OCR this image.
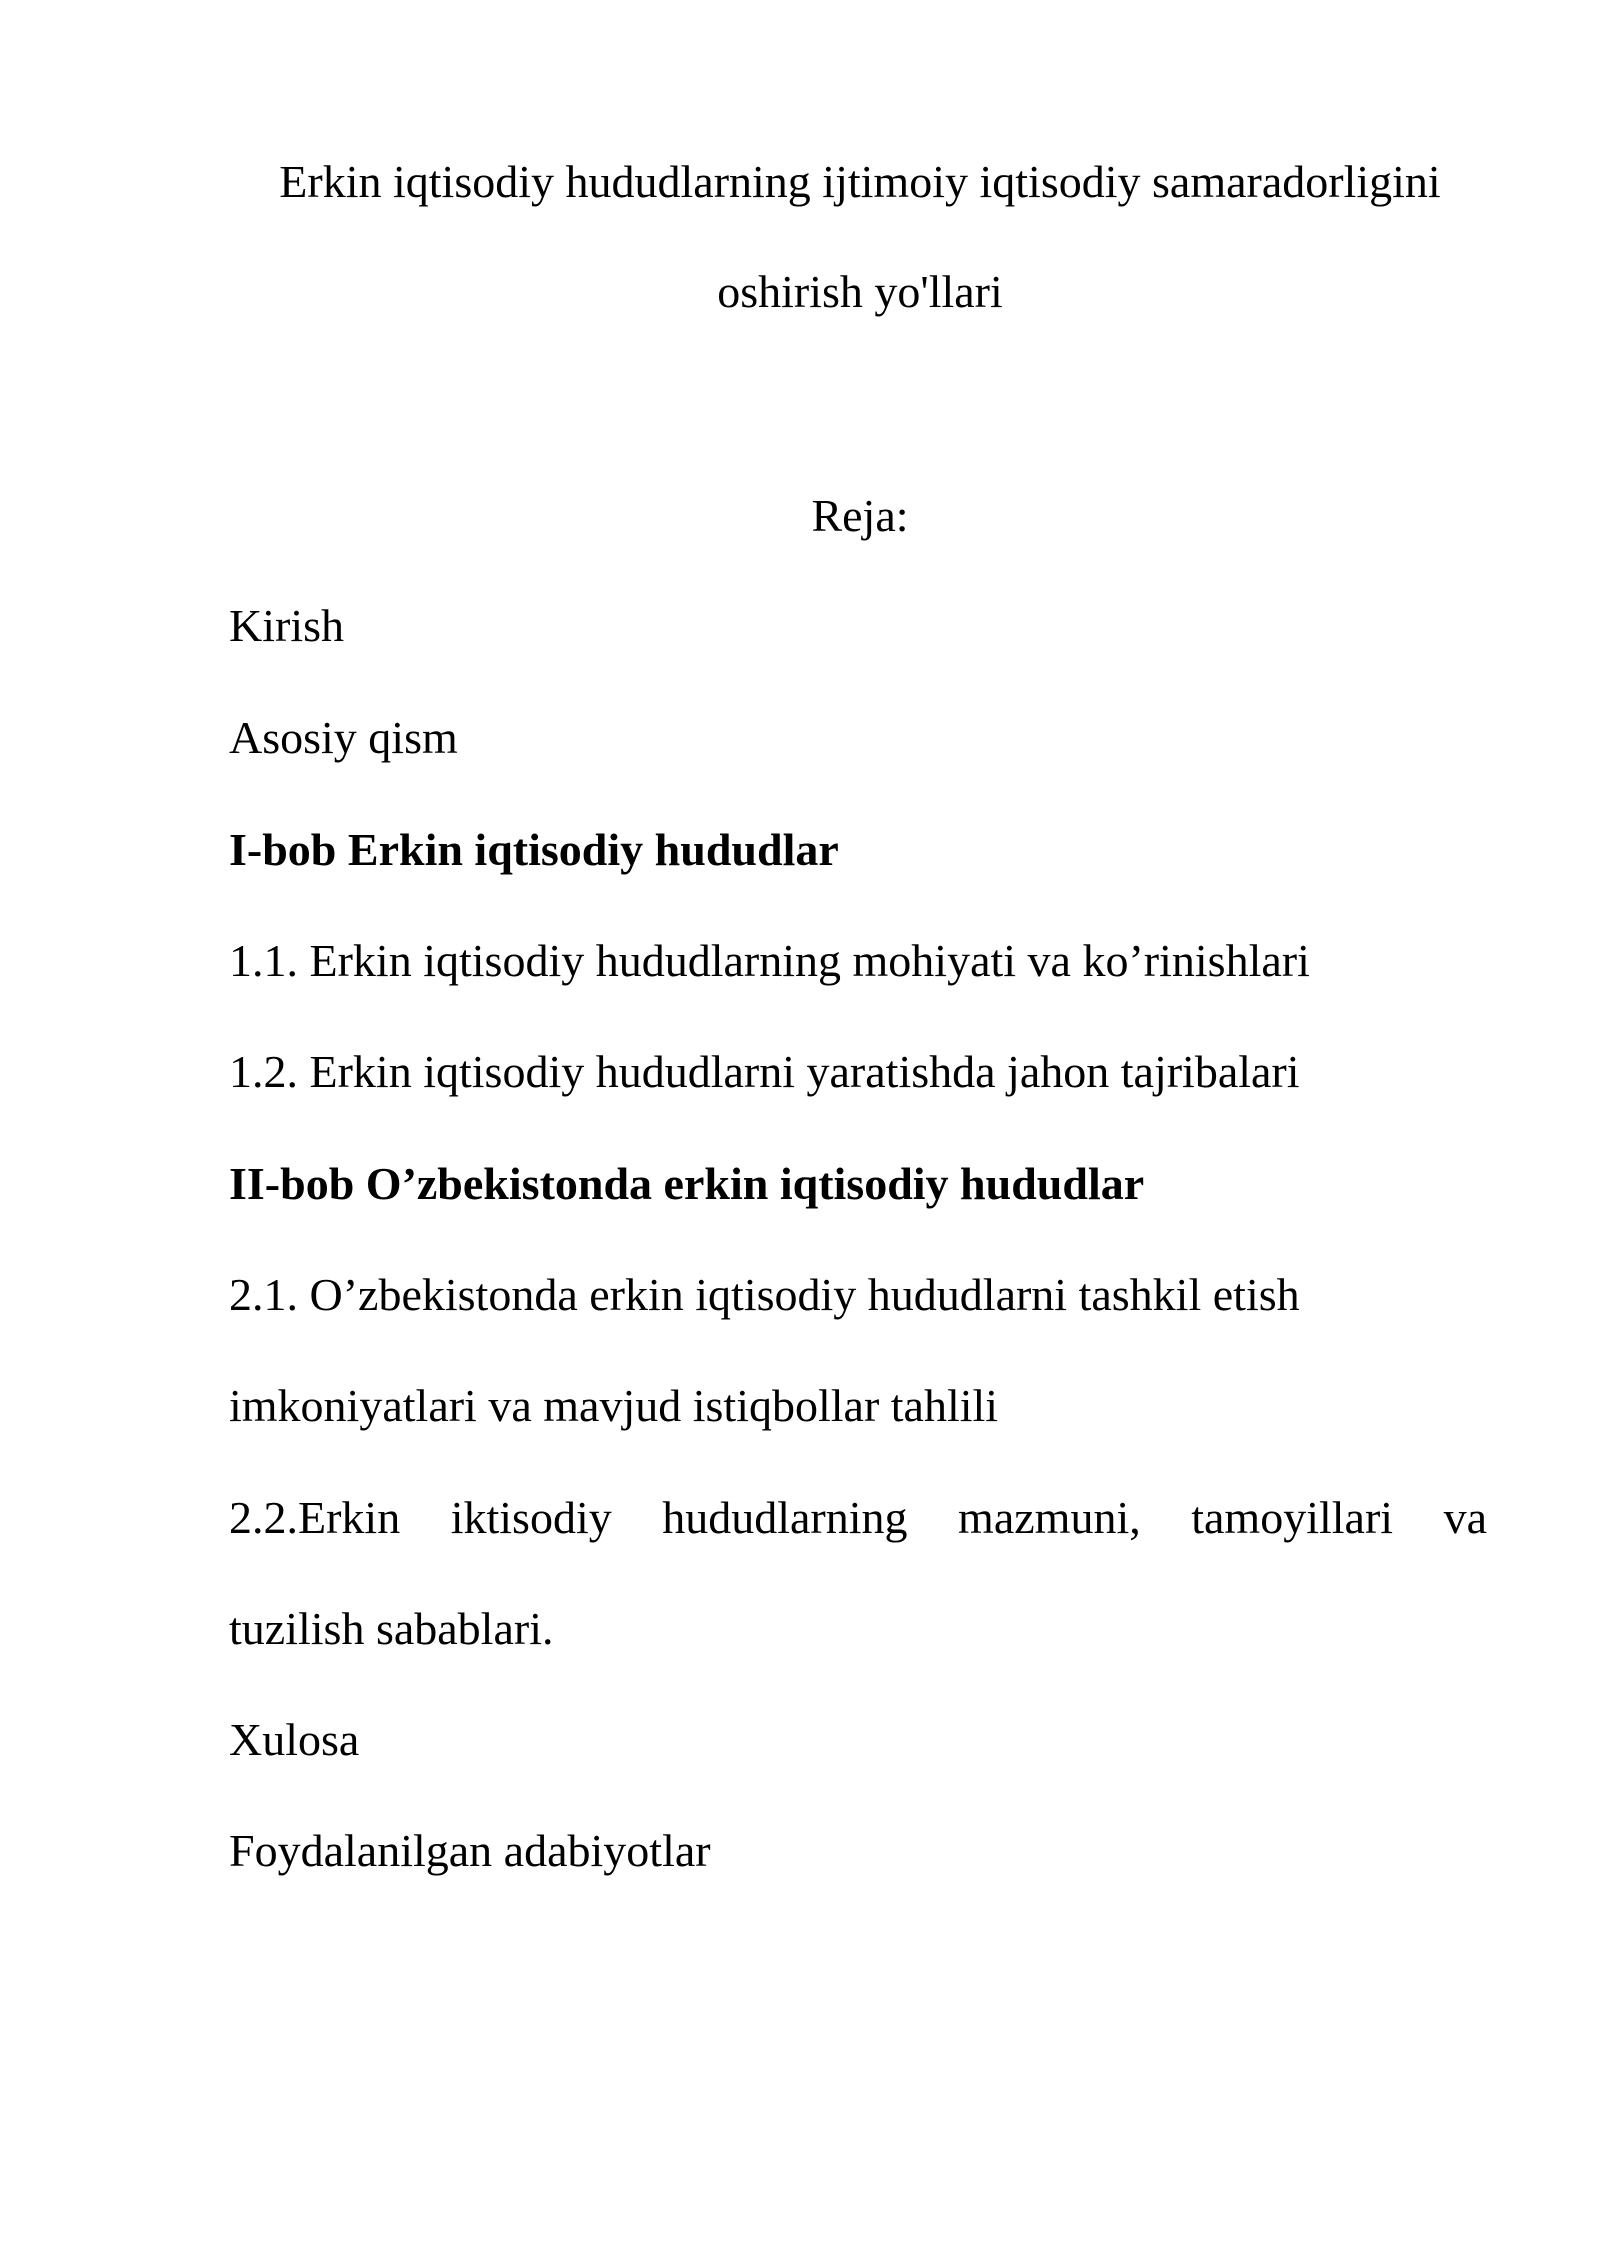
Erkin iqtisodiy hududlarning ijtimoiy iqtisodiy samaradorligini

oshirish yo'llari

Reja:

Kirish

Asosiy qism

I-bob Erkin iqtisodiy hududlar

1.1. Erkin iqtisodiy hududlarning mohiyati va ko’rinishlari

1.2. Erkin iqtisodiy hududlarni yaratishda jahon tajribalari

II-bob O’zbekistonda erkin iqtisodiy hududlar

2.1. O’zbekistonda erkin iqtisodiy hududlarni tashkil etish

imkoniyatlari va mavjud istiqbollar tahlili

2.2.Erkin iktisodiy hududlarning mazmuni, tamoyillari va

tuzilish sabablari.

Xulosa

Foydalanilgan adabiyotlar
